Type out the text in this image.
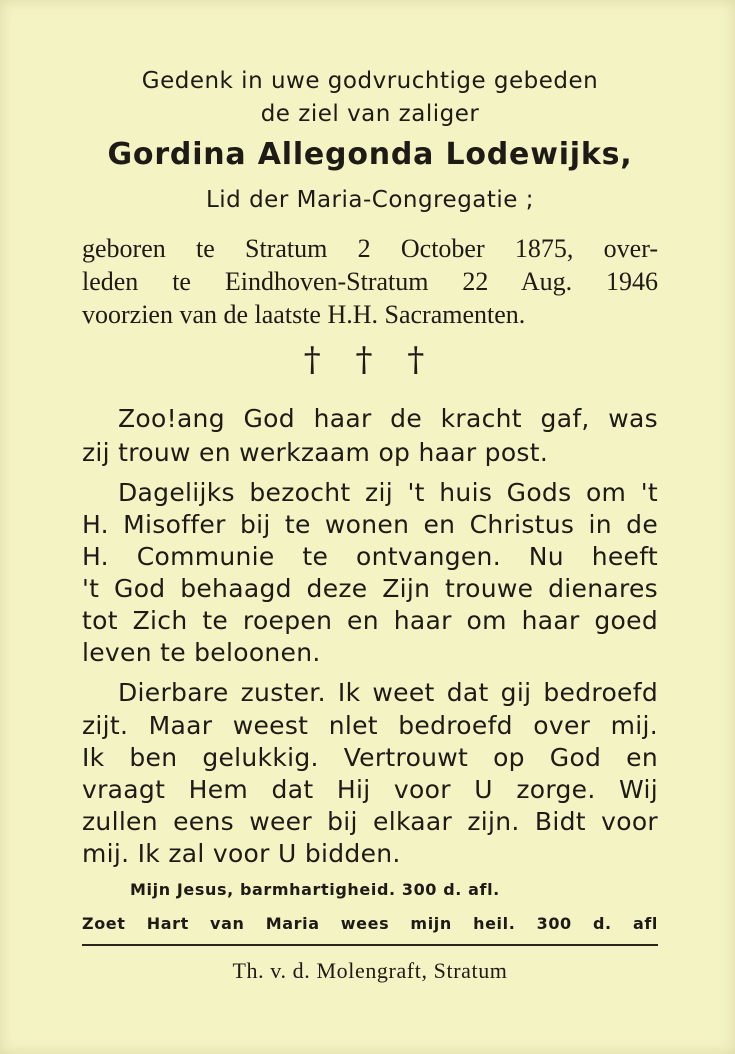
Gedenk in uwe godvruchtige gebeden
de ziel van zaliger
Gordina Allegonda Lodewijks,
Lid der Maria-Congregatie ;
geboren te Stratum 2 October 1875, over-
leden te Eindhoven-Stratum 22 Aug. 1946
voorzien van de laatste H.H. Sacramenten.
† † †
Zoo!ang God haar de kracht gaf, was
zij trouw en werkzaam op haar post.
Dagelijks bezocht zij 't huis Gods om 't
H. Misoffer bij te wonen en Christus in de
H. Communie te ontvangen. Nu heeft
't God behaagd deze Zijn trouwe dienares
tot Zich te roepen en haar om haar goed
leven te beloonen.
Dierbare zuster. Ik weet dat gij bedroefd
zijt. Maar weest nlet bedroefd over mij.
Ik ben gelukkig. Vertrouwt op God en
vraagt Hem dat Hij voor U zorge. Wij
zullen eens weer bij elkaar zijn. Bidt voor
mij. Ik zal voor U bidden.
Mijn Jesus, barmhartigheid. 300 d. afl.
Zoet Hart van Maria wees mijn heil. 300 d. afl
Th. v. d. Molengraft, Stratum
